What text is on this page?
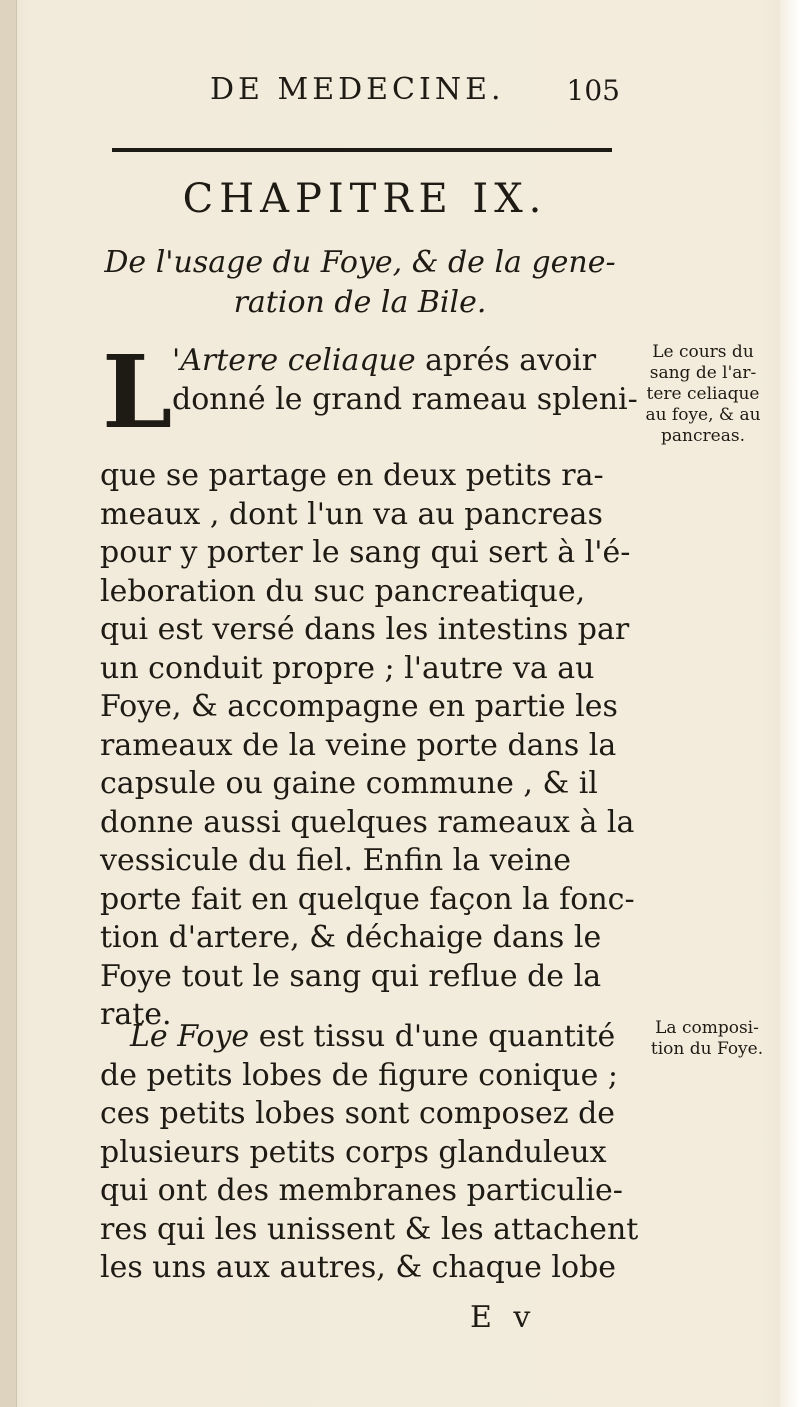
DE MEDECINE. 105
CHAPITRE IX.
De l'usage du Foye, & de la gene-
ration de la Bile.
L 'Artere celiaque aprés avoir
donné le grand rameau spleni-
que se partage en deux petits ra-
meaux , dont l'un va au pancreas
pour y porter le sang qui sert à l'é-
leboration du suc pancreatique,
qui est versé dans les intestins par
un conduit propre ; l'autre va au
Foye, & accompagne en partie les
rameaux de la veine porte dans la
capsule ou gaine commune , & il
donne aussi quelques rameaux à la
vessicule du fiel. Enfin la veine
porte fait en quelque façon la fonc-
tion d'artere, & déchaige dans le
Foye tout le sang qui reflue de la
rate.
Le Foye est tissu d'une quantité
de petits lobes de figure conique ;
ces petits lobes sont composez de
plusieurs petits corps glanduleux
qui ont des membranes particulie-
res qui les unissent & les attachent
les uns aux autres, & chaque lobe
Le cours du
sang de l'ar-
tere celiaque
au foye, & au
pancreas.
La composi-
tion du Foye.
E v
